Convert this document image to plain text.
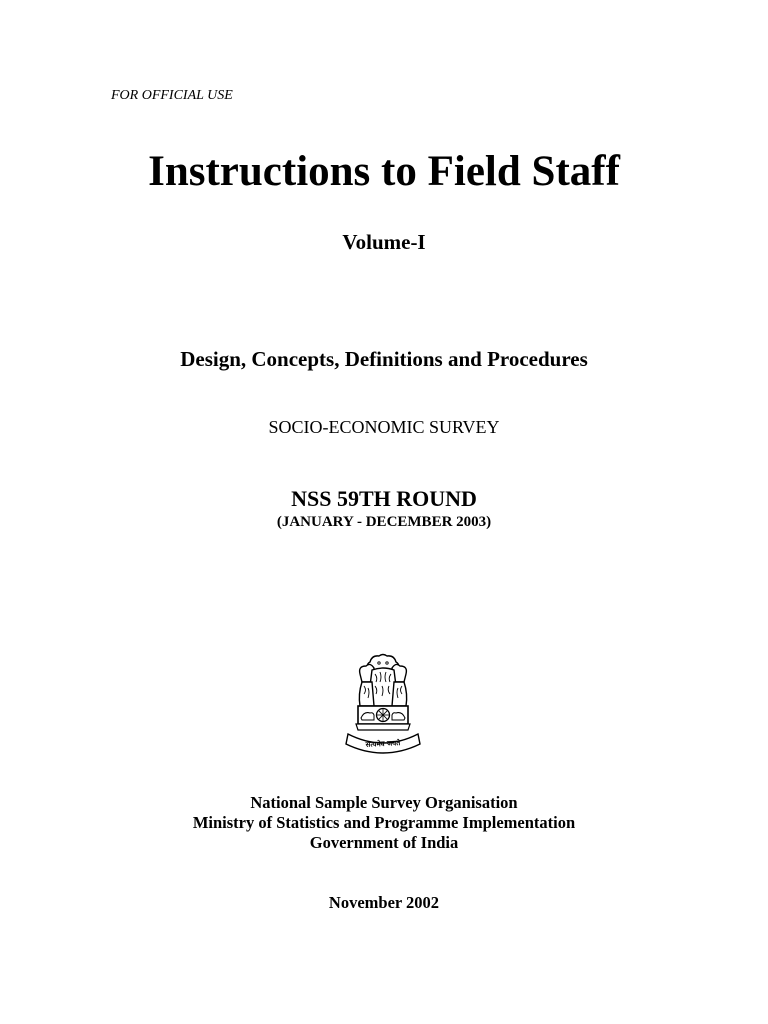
FOR OFFICIAL USE
Instructions to Field Staff
Volume-I
Design, Concepts, Definitions and Procedures
SOCIO-ECONOMIC SURVEY
NSS 59TH ROUND
(JANUARY - DECEMBER 2003)
सत्यमेव जयते
National Sample Survey Organisation
Ministry of Statistics and Programme Implementation
Government of India
November 2002
